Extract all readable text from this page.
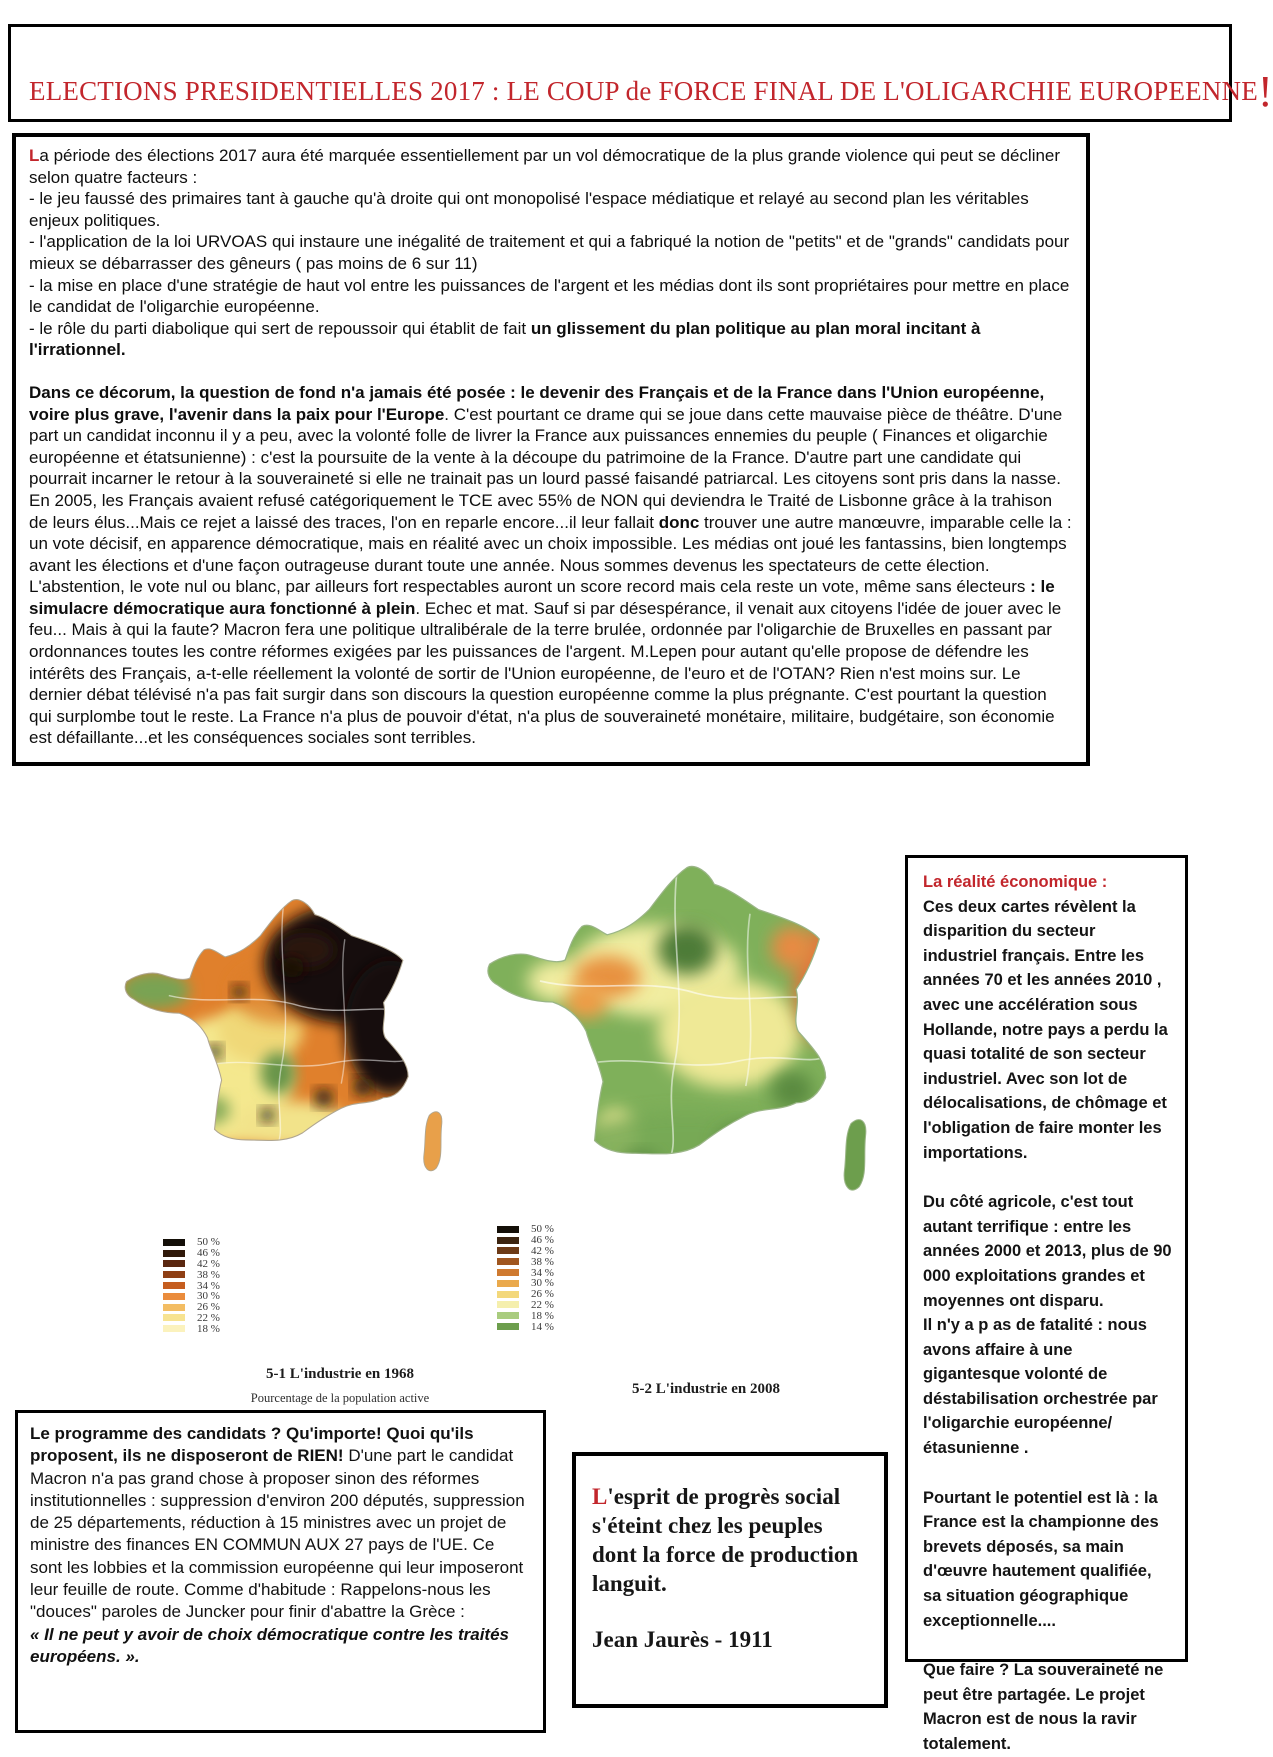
ELECTIONS PRESIDENTIELLES 2017 : LE COUP de FORCE FINAL DE L'OLIGARCHIE EUROPEENNE!
La période des élections 2017 aura été marquée essentiellement par un vol démocratique de la plus grande violence qui peut se décliner selon quatre facteurs :
- le jeu faussé des primaires tant à gauche qu'à droite qui ont monopolisé l'espace médiatique et relayé au second plan les véritables enjeux politiques.
- l'application de la loi URVOAS qui instaure une inégalité de traitement et qui a fabriqué la notion de "petits" et de "grands" candidats pour mieux se débarrasser des gêneurs ( pas moins de 6 sur 11)
- la mise en place d'une stratégie de haut vol entre les puissances de l'argent et les médias dont ils sont propriétaires pour mettre en place le candidat de l'oligarchie européenne.
- le rôle du parti diabolique qui sert de repoussoir qui établit de fait un glissement du plan politique au plan moral incitant à l'irrationnel.
Dans ce décorum, la question de fond n'a jamais été posée : le devenir des Français et de la France dans l'Union européenne, voire plus grave, l'avenir dans la paix pour l'Europe. C'est pourtant ce drame qui se joue dans cette mauvaise pièce de théâtre. D'une part un candidat inconnu il y a peu, avec la volonté folle de livrer la France aux puissances ennemies du peuple ( Finances et oligarchie européenne et étatsunienne) : c'est la poursuite de la vente à la découpe du patrimoine de la France. D'autre part une candidate qui pourrait incarner le retour à la souveraineté si elle ne trainait pas un lourd passé faisandé patriarcal. Les citoyens sont pris dans la nasse. En 2005, les Français avaient refusé catégoriquement le TCE avec 55% de NON qui deviendra le Traité de Lisbonne grâce à la trahison de leurs élus...Mais ce rejet a laissé des traces, l'on en reparle encore...il leur fallait donc trouver une autre manœuvre, imparable celle la : un vote décisif, en apparence démocratique, mais en réalité avec un choix impossible. Les médias ont joué les fantassins, bien longtemps avant les élections et d'une façon outrageuse durant toute une année. Nous sommes devenus les spectateurs de cette élection. L'abstention, le vote nul ou blanc, par ailleurs fort respectables auront un score record mais cela reste un vote, même sans électeurs : le simulacre démocratique aura fonctionné à plein. Echec et mat. Sauf si par désespérance, il venait aux citoyens l'idée de jouer avec le feu... Mais à qui la faute? Macron fera une politique ultralibérale de la terre brulée, ordonnée par l'oligarchie de Bruxelles en passant par ordonnances toutes les contre réformes exigées par les puissances de l'argent. M.Lepen pour autant qu'elle propose de défendre les intérêts des Français, a-t-elle réellement la volonté de sortir de l'Union européenne, de l'euro et de l'OTAN? Rien n'est moins sur. Le dernier débat télévisé n'a pas fait surgir dans son discours la question européenne comme la plus prégnante. C'est pourtant la question qui surplombe tout le reste. La France n'a plus de pouvoir d'état, n'a plus de souveraineté monétaire, militaire, budgétaire, son économie est défaillante...et les conséquences sociales sont terribles.
50 %
46 %
42 %
38 %
34 %
30 %
26 %
22 %
18 %
50 %
46 %
42 %
38 %
34 %
30 %
26 %
22 %
18 %
14 %
5-1 L'industrie en 1968
Pourcentage de la population active
5-2 L'industrie en 2008
Le programme des candidats ? Qu'importe! Quoi qu'ils proposent, ils ne disposeront de RIEN! D'une part le candidat Macron n'a pas grand chose à proposer sinon des réformes institutionnelles : suppression d'environ 200 députés, suppression de 25 départements, réduction à 15 ministres avec un projet de ministre des finances EN COMMUN AUX 27 pays de l'UE. Ce sont les lobbies et la commission européenne qui leur imposeront leur feuille de route. Comme d'habitude : Rappelons-nous les "douces" paroles de Juncker pour finir d'abattre la Grèce :
« Il ne peut y avoir de choix démocratique contre les traités européens. ».
L'esprit de progrès social s'éteint chez les peuples dont la force de production languit.
Jean Jaurès - 1911
La réalité économique :
Ces deux cartes révèlent la disparition du secteur industriel français. Entre les années 70 et les années 2010 , avec une accélération sous Hollande, notre pays a perdu la quasi totalité de son secteur industriel. Avec son lot de délocalisations, de chômage et l'obligation de faire monter les importations.
Du côté agricole, c'est tout autant terrifique : entre les années 2000 et 2013, plus de 90 000 exploitations grandes et moyennes ont disparu.
Il n'y a p as de fatalité : nous avons affaire à une gigantesque volonté de déstabilisation orchestrée par l'oligarchie européenne/ étasunienne .
Pourtant le potentiel est là : la France est la championne des brevets déposés, sa main d'œuvre hautement qualifiée, sa situation géographique exceptionnelle....
Que faire ? La souveraineté ne peut être partagée. Le projet Macron est de nous la ravir totalement.
